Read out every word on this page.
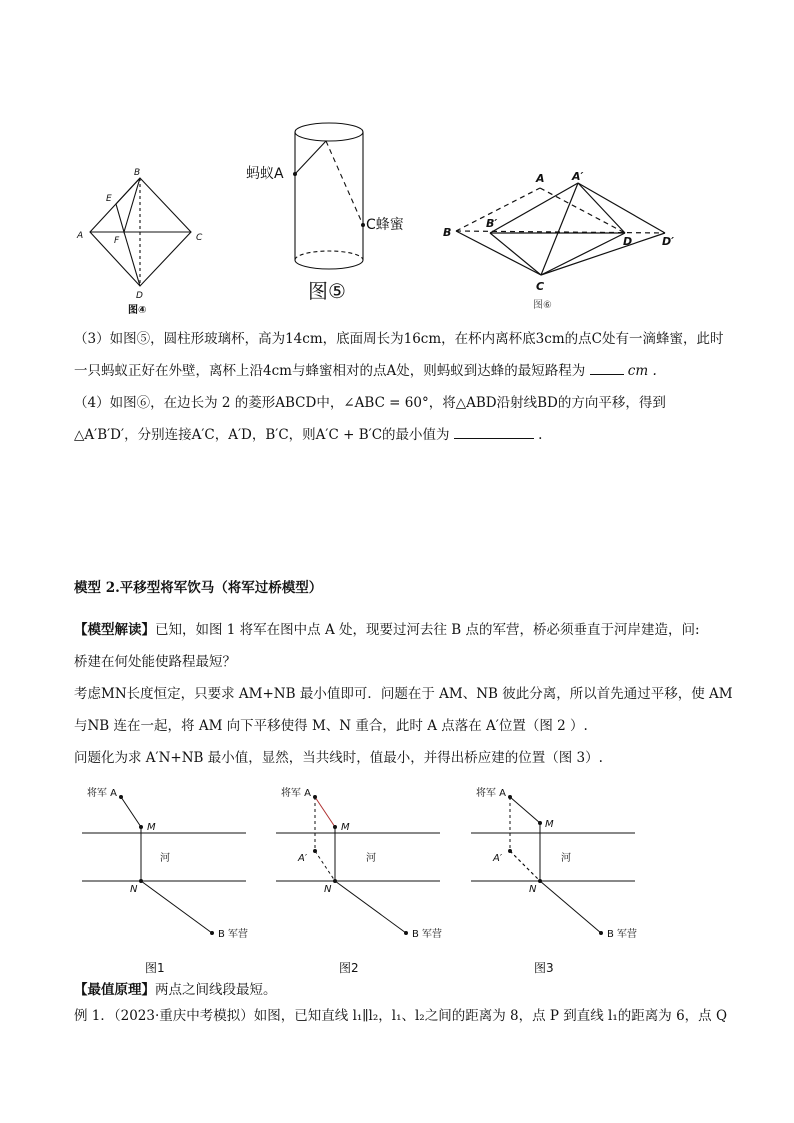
B
E
A	F	C
D
图④
蚂蚁A
C蜂蜜
图⑤
A A′
B
B′
D	D′
C
图⑥
（3）如图⑤，圆柱形玻璃杯，高为14cm，底面周长为16cm，在杯内离杯底3cm的点C处有一滴蜂蜜，此时
一只蚂蚁正好在外壁，离杯上沿4cm与蜂蜜相对的点A处，则蚂蚁到达蜂的最短路程为	cm .
（4）如图⑥，在边长为 2 的菱形ABCD中，∠ABC = 60°，将△ABD沿射线BD的方向平移，得到
△A′B′D′，分别连接A′C，A′D，B′C，则A′C + B′C的最小值为	.
模型 2.平移型将军饮马（将军过桥模型）
【模型解读】已知，如图 1 将军在图中点 A 处，现要过河去往 B 点的军营，桥必须垂直于河岸建造，问:
桥建在何处能使路程最短？
考虑MN长度恒定，只要求 AM+NB 最小值即可．问题在于 AM、NB 彼此分离，所以首先通过平移，使 AM
与NB 连在一起，将 AM 向下平移使得 M、N 重合，此时 A 点落在 A′位置（图 2 ）.
问题化为求 A′N+NB 最小值，显然，当共线时，值最小，并得出桥应建的位置（图 3）.
将军 A
M
河
N
B 军营
图1
将军 A
M
A′	河
N
B 军营
图2
将军 A
M
A′	河
N
B 军营
图3
【最值原理】两点之间线段最短。
例 1．（2023·重庆中考模拟）如图，已知直线 l₁∥l₂，l₁、l₂之间的距离为 8，点 P 到直线 l₁的距离为 6，点 Q
